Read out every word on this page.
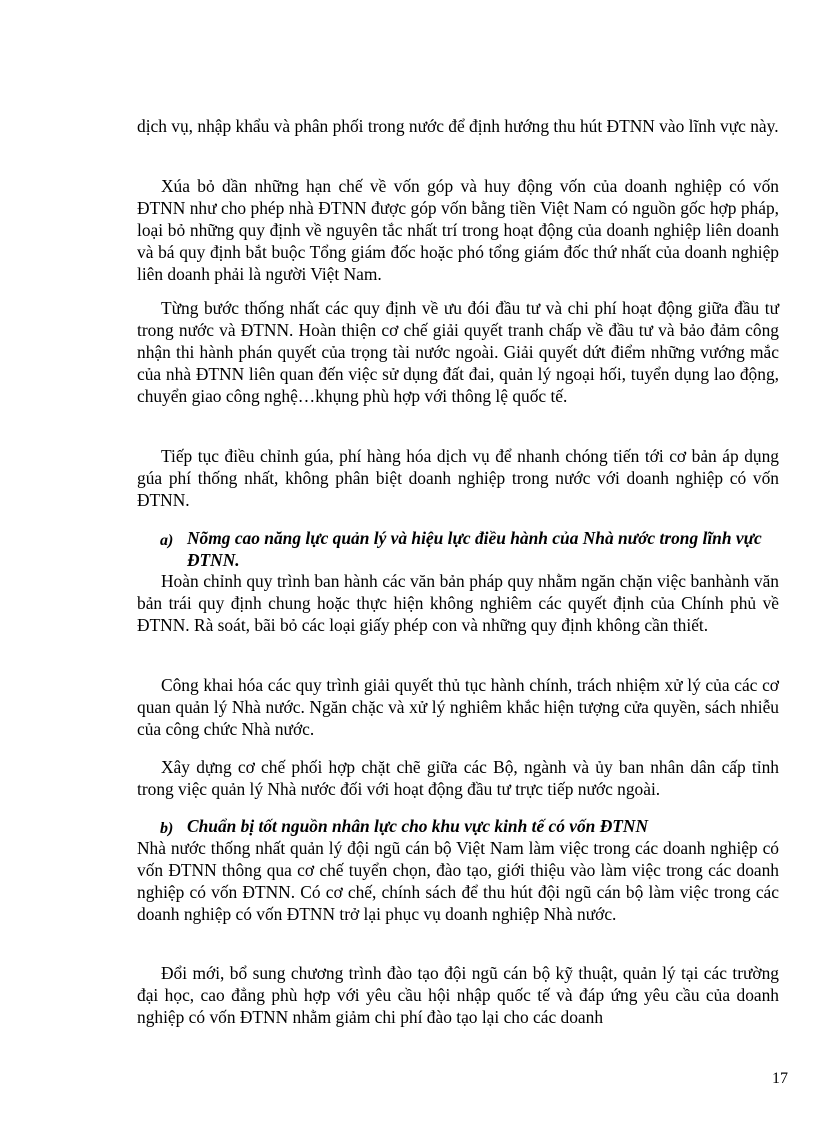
dịch vụ, nhập khẩu và phân phối trong nước để định hướng thu hút ĐTNN vào lĩnh vực này.

Xúa bỏ dần những hạn chế về vốn góp và huy động vốn của doanh nghiệp có vốn ĐTNN như cho phép nhà ĐTNN được góp vốn bằng tiền Việt Nam có nguồn gốc hợp pháp, loại bỏ những quy định về nguyên tắc nhất trí trong hoạt động của doanh nghiệp liên doanh và bá quy định bắt buộc Tổng giám đốc hoặc phó tổng giám đốc thứ nhất của doanh nghiệp liên doanh phải là người Việt Nam.

Từng bước thống nhất các quy định về ưu đói đầu tư và chi phí hoạt động giữa đầu tư trong nước và ĐTNN. Hoàn thiện cơ chế giải quyết tranh chấp về đầu tư và bảo đảm công nhận thi hành phán quyết của trọng tài nước ngoài. Giải quyết dứt điểm những vướng mắc của nhà ĐTNN liên quan đến việc sử dụng đất đai, quản lý ngoại hối, tuyển dụng lao động, chuyển giao công nghệ…khụng phù hợp với thông lệ quốc tế.

Tiếp tục điều chỉnh gúa, phí hàng hóa dịch vụ để nhanh chóng tiến tới cơ bản áp dụng gúa phí thống nhất, không phân biệt doanh nghiệp trong nước với doanh nghiệp có vốn ĐTNN.

a) Nõmg cao năng lực quản lý và hiệu lực điều hành của Nhà nước trong lĩnh vực ĐTNN.

Hoàn chỉnh quy trình ban hành các văn bản pháp quy nhằm ngăn chặn việc banhành văn bản trái quy định chung hoặc thực hiện không nghiêm các quyết định của Chính phủ về ĐTNN. Rà soát, bãi bỏ các loại giấy phép con và những quy định không cần thiết.

Công khai hóa các quy trình giải quyết thủ tục hành chính, trách nhiệm xử lý của các cơ quan quản lý Nhà nước. Ngăn chặc và xử lý nghiêm khắc hiện tượng cửa quyền, sách nhiễu của công chức Nhà nước.

Xây dựng cơ chế phối hợp chặt chẽ giữa các Bộ, ngành và ủy ban nhân dân cấp tỉnh trong việc quản lý Nhà nước đối với hoạt động đầu tư trực tiếp nước ngoài.

b) Chuẩn bị tốt nguồn nhân lực cho khu vực kinh tế có vốn ĐTNN

Nhà nước thống nhất quản lý đội ngũ cán bộ Việt Nam làm việc trong các doanh nghiệp có vốn ĐTNN thông qua cơ chế tuyển chọn, đào tạo, giới thiệu vào làm việc trong các doanh nghiệp có vốn ĐTNN. Có cơ chế, chính sách để thu hút đội ngũ cán bộ làm việc trong các doanh nghiệp có vốn ĐTNN trở lại phục vụ doanh nghiệp Nhà nước.

Đổi mới, bổ sung chương trình đào tạo đội ngũ cán bộ kỹ thuật, quản lý tại các trường đại học, cao đẳng phù hợp với yêu cầu hội nhập quốc tế và đáp ứng yêu cầu của doanh nghiệp có vốn ĐTNN nhằm giảm chi phí đào tạo lại cho các doanh

17
